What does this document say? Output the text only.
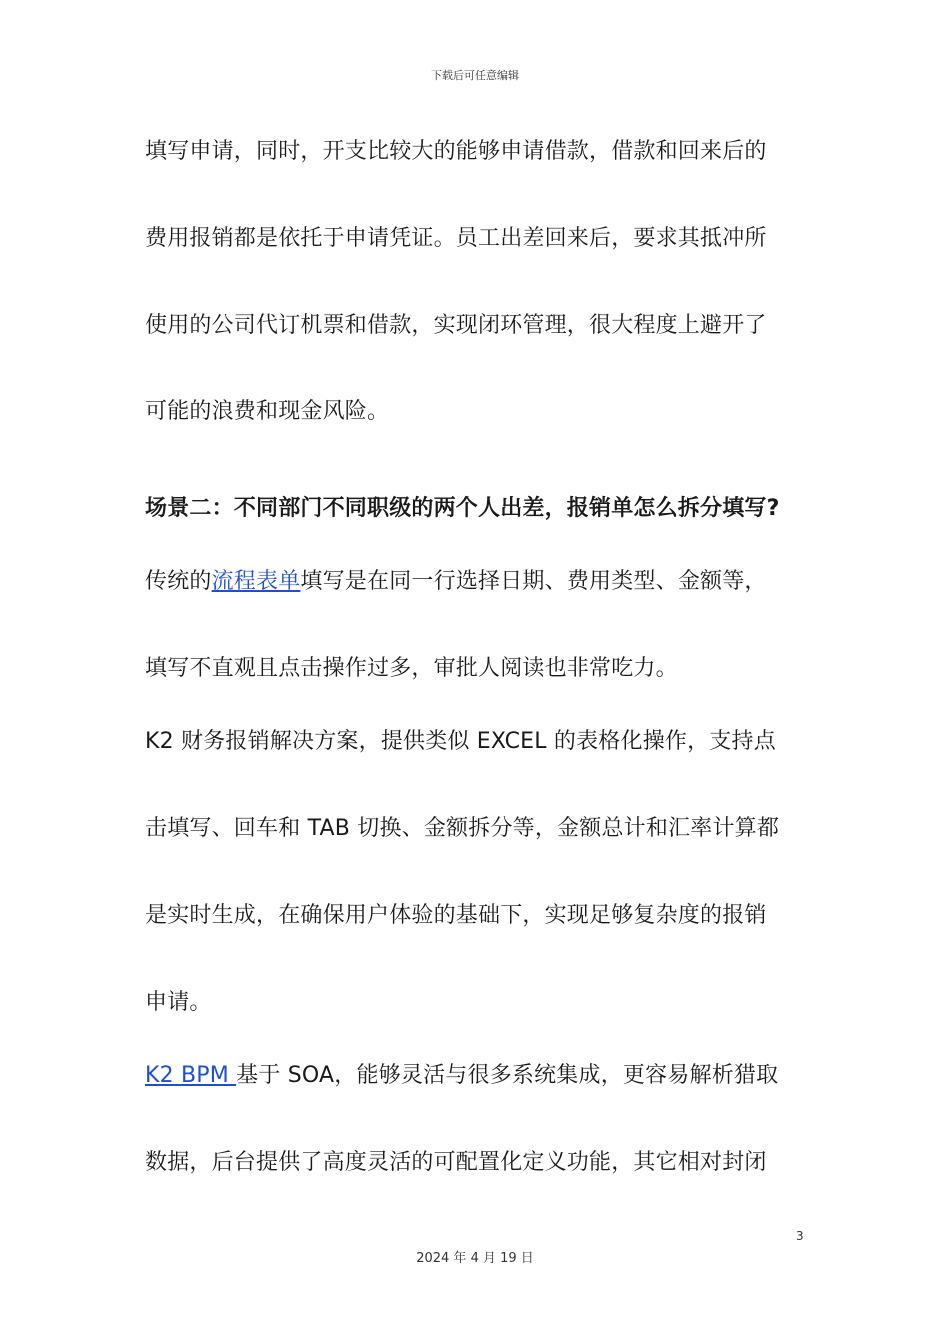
下载后可任意编辑
填写申请，同时，开支比较大的能够申请借款，借款和回来后的
费用报销都是依托于申请凭证。员工出差回来后，要求其抵冲所
使用的公司代订机票和借款，实现闭环管理，很大程度上避开了
可能的浪费和现金风险。
场景二：不同部门不同职级的两个人出差，报销单怎么拆分填写?
传统的流程表单填写是在同一行选择日期、费用类型、金额等，
填写不直观且点击操作过多，审批人阅读也非常吃力。
K2 财务报销解决方案，提供类似 EXCEL 的表格化操作，支持点
击填写、回车和 TAB 切换、金额拆分等，金额总计和汇率计算都
是实时生成，在确保用户体验的基础下，实现足够复杂度的报销
申请。
K2 BPM 基于 SOA，能够灵活与很多系统集成，更容易解析猎取
数据，后台提供了高度灵活的可配置化定义功能，其它相对封闭
3
2024 年 4 月 19 日
